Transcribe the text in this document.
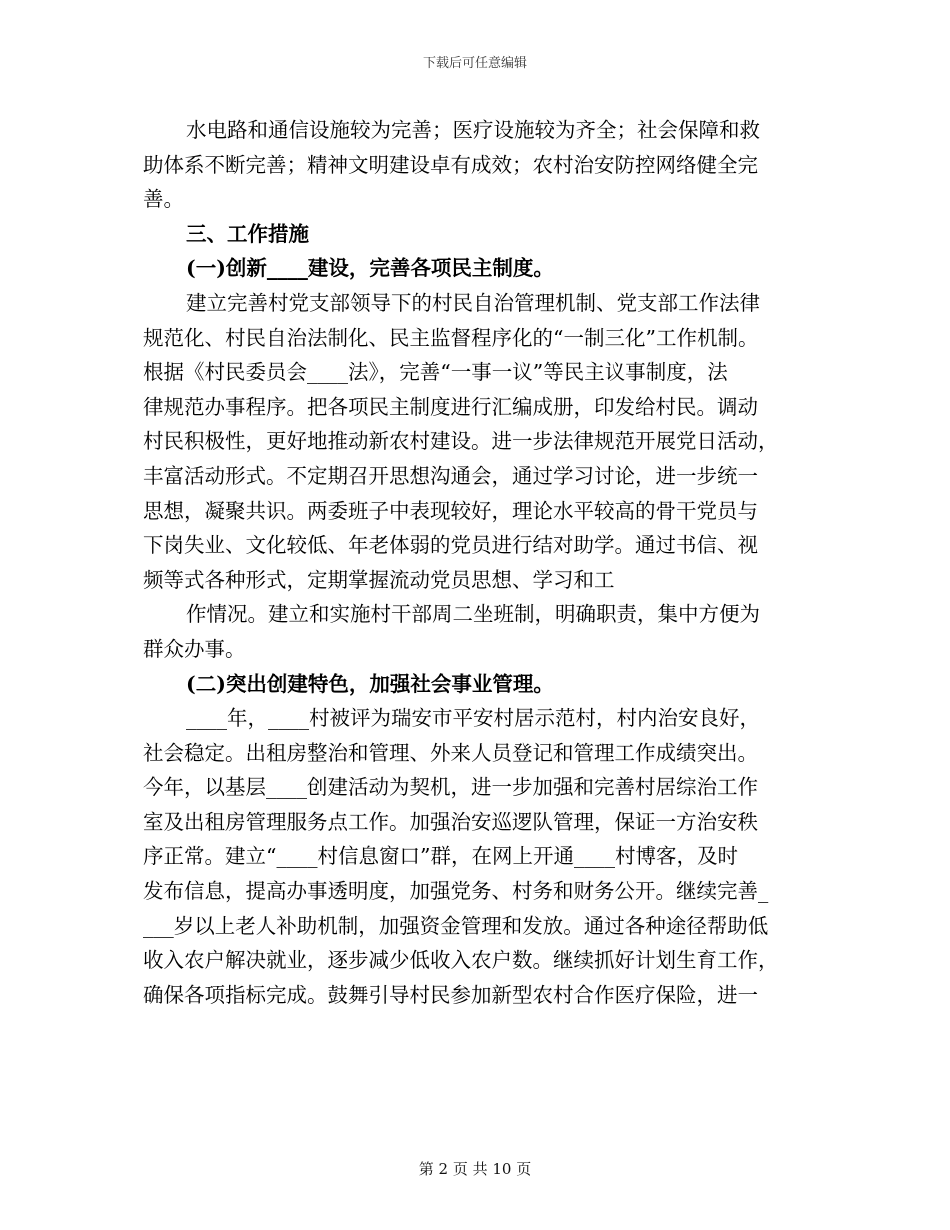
下载后可任意编辑
水电路和通信设施较为完善；医疗设施较为齐全；社会保障和救
助体系不断完善；精神文明建设卓有成效；农村治安防控网络健全完
善。
三、工作措施
(一)创新____建设，完善各项民主制度。
建立完善村党支部领导下的村民自治管理机制、党支部工作法律
规范化、村民自治法制化、民主监督程序化的“一制三化”工作机制。
根据《村民委员会____法》，完善“一事一议”等民主议事制度，法
律规范办事程序。把各项民主制度进行汇编成册，印发给村民。调动
村民积极性，更好地推动新农村建设。进一步法律规范开展党日活动，
丰富活动形式。不定期召开思想沟通会，通过学习讨论，进一步统一
思想，凝聚共识。两委班子中表现较好，理论水平较高的骨干党员与
下岗失业、文化较低、年老体弱的党员进行结对助学。通过书信、视
频等式各种形式，定期掌握流动党员思想、学习和工
作情况。建立和实施村干部周二坐班制，明确职责，集中方便为
群众办事。
(二)突出创建特色，加强社会事业管理。
____年，____村被评为瑞安市平安村居示范村，村内治安良好，
社会稳定。出租房整治和管理、外来人员登记和管理工作成绩突出。
今年，以基层____创建活动为契机，进一步加强和完善村居综治工作
室及出租房管理服务点工作。加强治安巡逻队管理，保证一方治安秩
序正常。建立“____村信息窗口”群，在网上开通____村博客，及时
发布信息，提高办事透明度，加强党务、村务和财务公开。继续完善_
___岁以上老人补助机制，加强资金管理和发放。通过各种途径帮助低
收入农户解决就业，逐步减少低收入农户数。继续抓好计划生育工作，
确保各项指标完成。鼓舞引导村民参加新型农村合作医疗保险，进一
第 2 页 共 10 页
